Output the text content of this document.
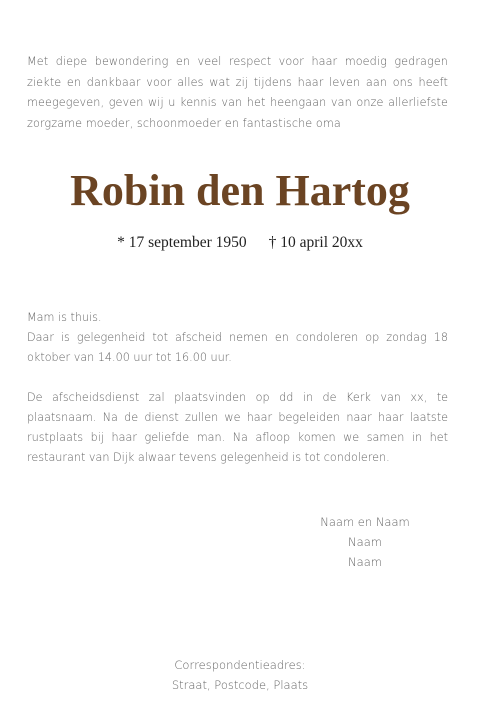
Met diepe bewondering en veel respect voor haar moedig gedragen ziekte en dankbaar voor alles wat zij tijdens haar leven aan ons heeft meegegeven, geven wij u kennis van het heengaan van onze allerliefste zorgzame moeder, schoonmoeder en fantastische oma

Robin den Hartog

* 17 september 1950 † 10 april 20xx

Mam is thuis.
Daar is gelegenheid tot afscheid nemen en condoleren op zondag 18 oktober van 14.00 uur tot 16.00 uur.

De afscheidsdienst zal plaatsvinden op dd in de Kerk van xx, te plaatsnaam. Na de dienst zullen we haar begeleiden naar haar laatste rustplaats bij haar geliefde man. Na afloop komen we samen in het restaurant van Dijk alwaar tevens gelegenheid is tot condoleren.

Naam en Naam
Naam
Naam
Correspondentieadres:
Straat, Postcode, Plaats
